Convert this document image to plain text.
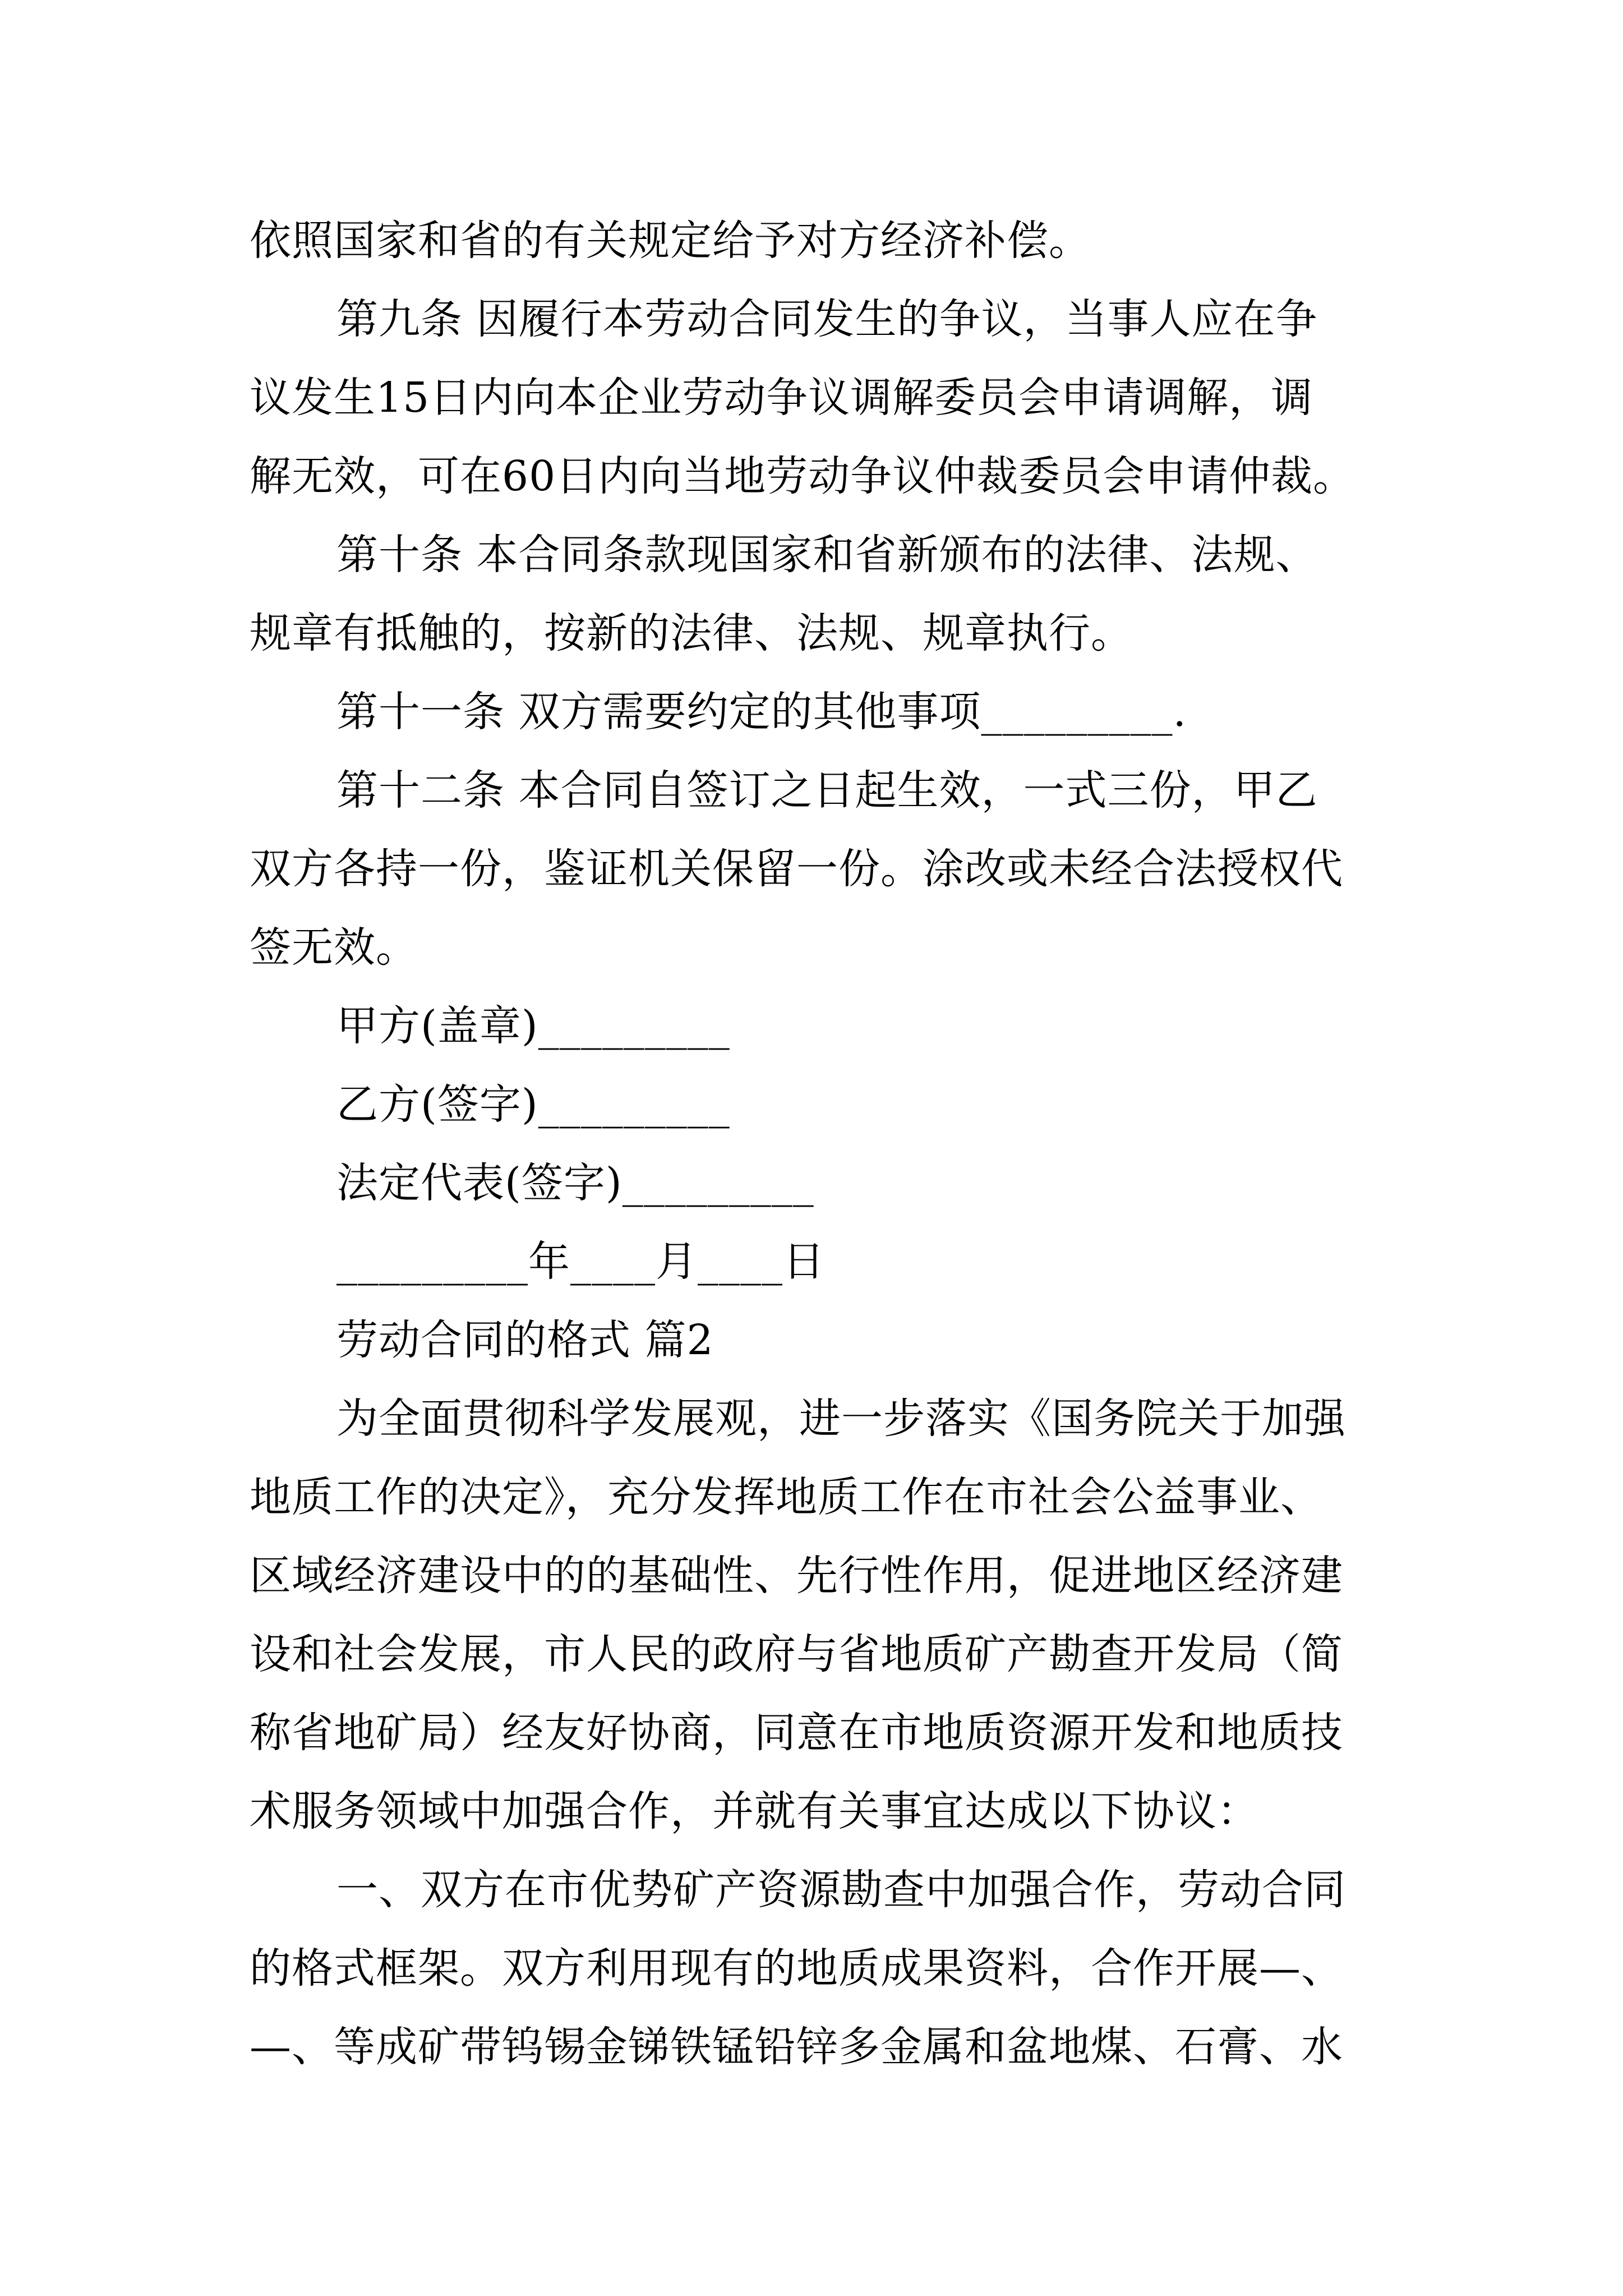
依照国家和省的有关规定给予对方经济补偿。
第九条 因履行本劳动合同发生的争议，当事人应在争
议发生15日内向本企业劳动争议调解委员会申请调解，调
解无效，可在60日内向当地劳动争议仲裁委员会申请仲裁。
第十条 本合同条款现国家和省新颁布的法律、法规、
规章有抵触的，按新的法律、法规、规章执行。
第十一条 双方需要约定的其他事项_________.
第十二条 本合同自签订之日起生效，一式三份，甲乙
双方各持一份，鉴证机关保留一份。涂改或未经合法授权代
签无效。
甲方(盖章)_________
乙方(签字)_________
法定代表(签字)_________
_________年____月____日
劳动合同的格式 篇2
为全面贯彻科学发展观，进一步落实《国务院关于加强
地质工作的决定》，充分发挥地质工作在市社会公益事业、
区域经济建设中的的基础性、先行性作用，促进地区经济建
设和社会发展，市人民的政府与省地质矿产勘查开发局（简
称省地矿局）经友好协商，同意在市地质资源开发和地质技
术服务领域中加强合作，并就有关事宜达成以下协议：
一、双方在市优势矿产资源勘查中加强合作，劳动合同
的格式框架。双方利用现有的地质成果资料，合作开展—、
—、等成矿带钨锡金锑铁锰铅锌多金属和盆地煤、石膏、水
